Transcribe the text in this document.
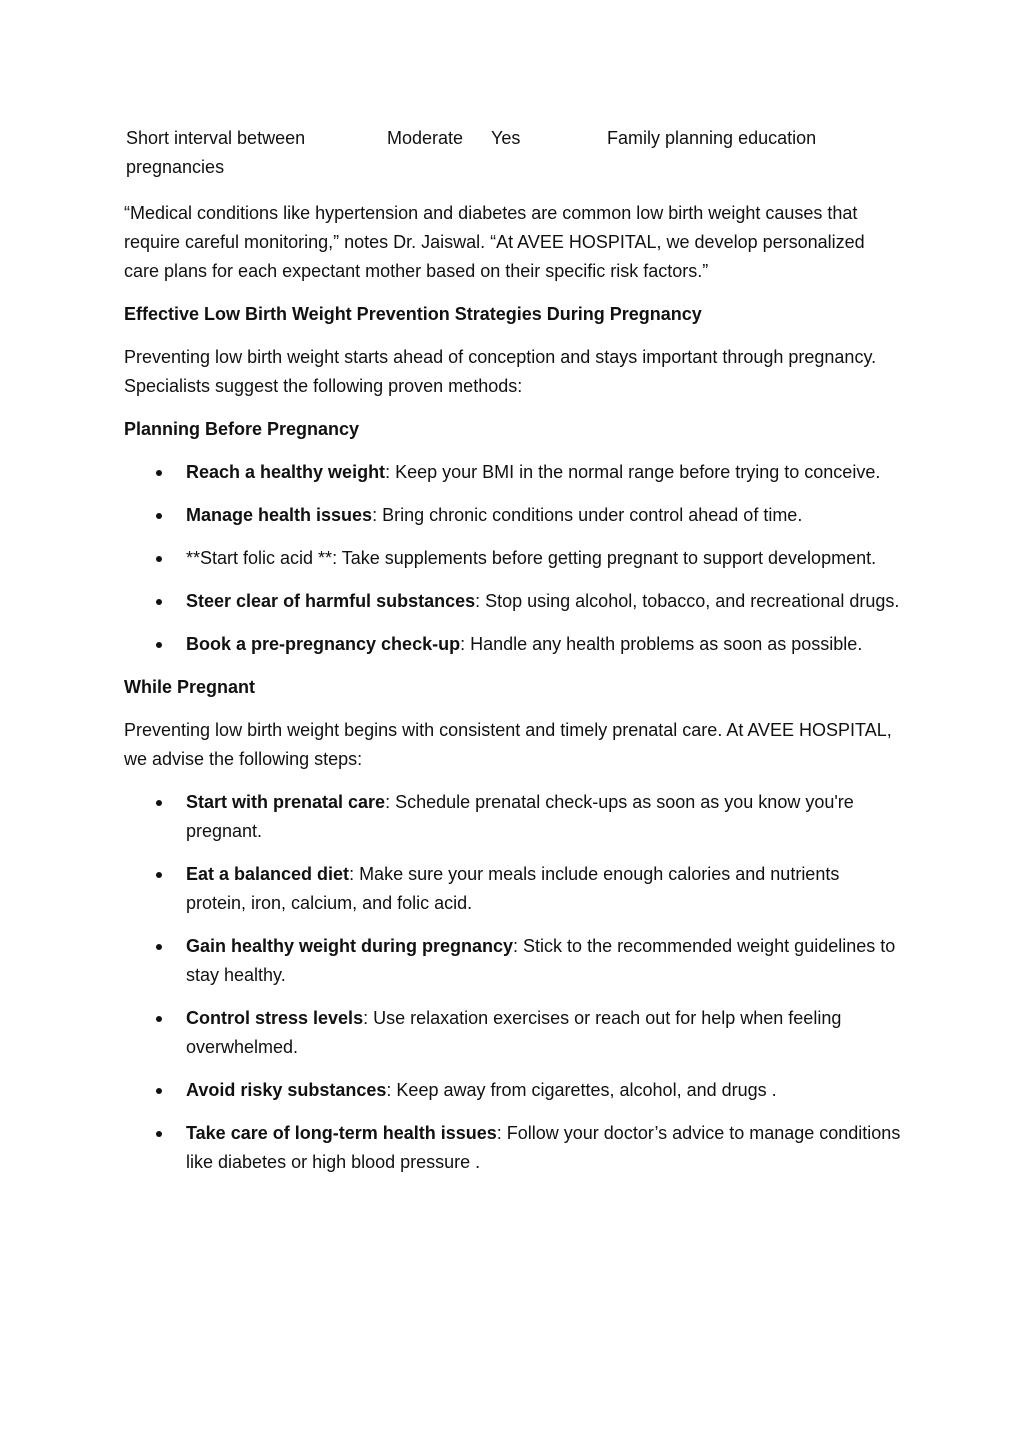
Short interval between pregnancies
Moderate Yes	Family planning education

“Medical conditions like hypertension and diabetes are common low birth weight causes that require careful monitoring,” notes Dr. Jaiswal. “At AVEE HOSPITAL, we develop personalized care plans for each expectant mother based on their specific risk factors.”

Effective Low Birth Weight Prevention Strategies During Pregnancy

Preventing low birth weight starts ahead of conception and stays important through pregnancy. Specialists suggest the following proven methods:

Planning Before Pregnancy
Reach a healthy weight: Keep your BMI in the normal range before trying to conceive.
Manage health issues: Bring chronic conditions under control ahead of time.
**Start folic acid **: Take supplements before getting pregnant to support development.
Steer clear of harmful substances: Stop using alcohol, tobacco, and recreational drugs.
Book a pre-pregnancy check-up: Handle any health problems as soon as possible.
While Pregnant

Preventing low birth weight begins with consistent and timely prenatal care. At AVEE HOSPITAL, we advise the following steps:

Start with prenatal care: Schedule prenatal check-ups as soon as you know you're pregnant.
Eat a balanced diet: Make sure your meals include enough calories and nutrients protein, iron, calcium, and folic acid.
Gain healthy weight during pregnancy: Stick to the recommended weight guidelines to stay healthy.
Control stress levels: Use relaxation exercises or reach out for help when feeling overwhelmed.
Avoid risky substances: Keep away from cigarettes, alcohol, and drugs .
Take care of long-term health issues: Follow your doctor’s advice to manage conditions like diabetes or high blood pressure .
